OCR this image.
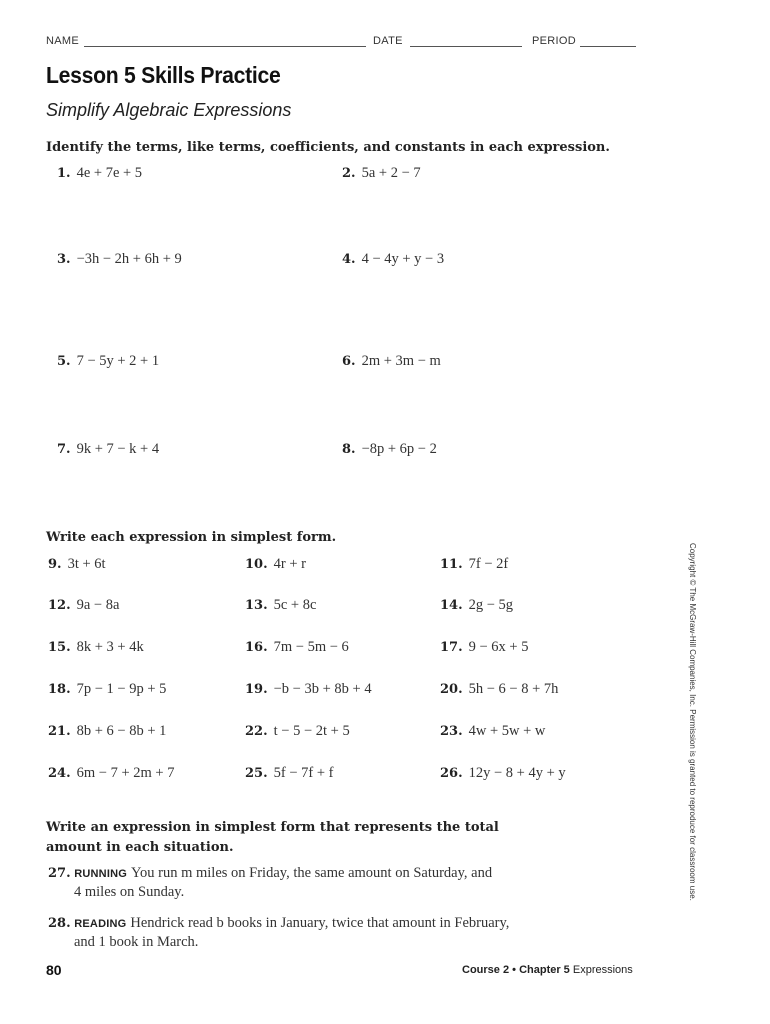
NAME	DATE	PERIOD
Lesson 5 Skills Practice
Simplify Algebraic Expressions
Identify the terms, like terms, coefficients, and constants in each expression.
1. 4e + 7e + 5	2. 5a + 2 − 7
3. −3h − 2h + 6h + 9	4. 4 − 4y + y − 3
5. 7 − 5y + 2 + 1	6. 2m + 3m − m
7. 9k + 7 − k + 4	8. −8p + 6p − 2
Write each expression in simplest form.
9. 3t + 6t	10. 4r + r	11. 7f − 2f
12. 9a − 8a	13. 5c + 8c	14. 2g − 5g
15. 8k + 3 + 4k	16. 7m − 5m − 6	17. 9 − 6x + 5
18. 7p − 1 − 9p + 5	19. −b − 3b + 8b + 4	20. 5h − 6 − 8 + 7h
21. 8b + 6 − 8b + 1	22. t − 5 − 2t + 5	23. 4w + 5w + w
24. 6m − 7 + 2m + 7	25. 5f − 7f + f	26. 12y − 8 + 4y + y
Write an expression in simplest form that represents the total
amount in each situation.
27. RUNNING You run m miles on Friday, the same amount on Saturday, and
4 miles on Sunday.
28. READING Hendrick read b books in January, twice that amount in February,
and 1 book in March.
Copyright © The McGraw-Hill Companies, Inc. Permission is granted to reproduce for classroom use.
80	Course 2 • Chapter 5 Expressions
